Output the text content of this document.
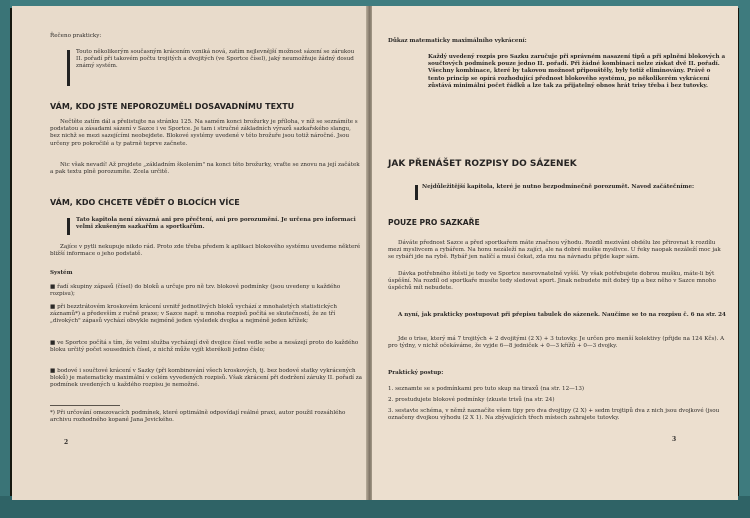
Řečeno prakticky:

Touto několikerým současným krácením vzniká nová, zatím nejlevnější možnost sázení se zárukou II. pořadí při takovém počtu trojitých a dvojitých (ve Sportce čísel), jaký neumožňuje žádný dosud známý systém.

VÁM, KDO JSTE NEPOROZUMĚLI DOSAVADNÍMU TEXTU

Nečtěte zatím dál a přelistujte na stránku 125. Na samém konci brožurky je příloha, v níž se seznámíte s podstatou a zásadami sázení v Sazce i ve Sportce. Je tam i stručné základních výrazů sazkařského slangu, bez nichž se mezi sazejícími neobejdete. Blokové systémy uvedené v této brožuře jsou totiž náročné. Jsou určeny pro pokročilé a ty patrně teprve začnete.

Nic však nevadí! Až projdete „základním školením" na konci této brožurky, vraťte se znovu na její začátek a pak textu plně porozumíte. Zcela určitě.

VÁM, KDO CHCETE VĚDĚT O BLOCÍCH VÍCE

Tato kapitola není závazná ani pro přečtení, ani pro porozumění. Je určena pro informaci velmi zkušeným sazkařům a sportkařům.

Zajíce v pytli nekupuje nikdo rád. Proto zde třeba předem k aplikaci blokového systému uvedeme některé bližší informace o jeho podstatě.

Systém

■ řadí skupiny zápasů (čísel) do bloků a určuje pro ně tzv. blokové podmínky (jsou uvedeny u každého rozpisu);

■ při bezztrátovém kroskovém krácení uvnitř jednotlivých bloků vychází z mnohaletých statistických záznamů*) a především z ručně praxe; v Sazce např. u mnoha rozpisů počítá se skutečností, že ze tří „divokých" zápasů vychází obvykle nejméně jeden výsledek dvojka a nejméně jeden křížek;

■ ve Sportce počítá s tím, že velmi služba vycházejí dvě dvojice čísel vedle sebe a nesázejí proto do každého bloku určitý počet sousedních čísel, z nichž může vyjít kterékoli jedno číslo;

■ bodové i součtové krácení v Sazky (při kombinování všech kroskových, tj. bez bodové statky vykrácených bloků) je matematicky maximální v celém vyvedených rozpisů. Však zkrácení při dodržení záruky II. pořadí za podmínek uvedených u každého rozpisu je nemožné.

*) Při určování omezovacích podmínek, které optimálně odpovídají reálné praxi, autor použil rozsáhlého archivu rozhodného kopané Jana Jevického.

2

Důkaz matematicky maximálního vykrácení:

Každý uvedený rozpis pro Sazku zaručuje při správném nasazení tipů a při splnění blokových a součtových podmínek pouze jedno II. pořadí. Při žádné kombinaci nelze získat dvě II. pořadí. Všechny kombinace, které by takovou možnost připouštěly, byly totiž eliminovány. Právě o tento princip se opírá rozhodující přednost blokového systému, po několikerém vykrácení zůstává minimální počet řádků a lze tak za přijatelný obnos hrát trisy třeba i bez tutovky.

JAK PŘENÁŠET ROZPISY DO SÁZENEK

Nejdůležitější kapitola, které je nutno bezpodmínečně porozumět. Navod začátečníme:

POUZE PRO SAZKAŘE

Dáváte přednost Sazce a před sportkařem máte značnou výhodu. Rozdíl meziváni obdélu lze přirovnat k rozdílu mezi myslivcem a rybářem. Na honu nezáleží na zajíci, ale na dobré muške myslivce. U řeky naopak nezáleží moc jak se rybáři jde na rybě. Rybář jen nalíčí a musí čekat, zda mu na návnadu přijde kapr sám.

Dávka potřebného štěstí je tedy ve Sportce nesrovnatelně vyšší. Vy však potřebujete dobrou mušku, máte-li být úspěšní. Na rozdíl od sportkaře musíte tedy sledovat sport. Jinak nebudete mít dobrý tip a bez něho v Sazce mnoho úspěchů mít nebudete.

A nyní, jak prakticky postupovat při přepisu tabulek do sázenek. Naučíme se to na rozpisu č. 6 na str. 24

Jde o trise, který má 7 trojitých + 2 dvojitými (2 X) + 3 tutovky. Je určen pro menší kolektivy (přijde na 124 Kčs). A pro týdny, v nichž očekáváme, že vyjde 6—8 jedniček + 0—3 křížů + 0—3 dvojky.

Praktický postup:

1. seznamte se s podmínkami pro tuto skup na tiraxů (na str. 12—13)

2. prostudujete blokové podmínky (zkuste trisů (na str. 24)

3. sestavte schéma, v němž naznačíte všem tipy pro dva dvojtipy (2 X) + sedm trojtipů dva z nich jsou dvojkové (jsou označeny dvojkou výhodu (2 X 1). Na zbývajících třech místech zahrajete tutovky.

3
